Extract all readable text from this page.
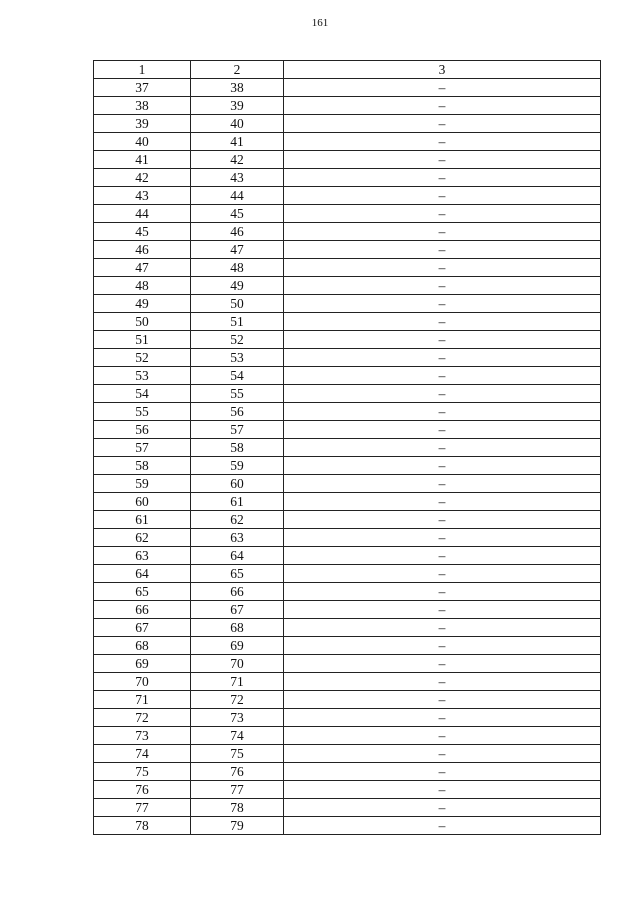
161
1	2	3
37	38	–
38	39	–
39	40	–
40	41	–
41	42	–
42	43	–
43	44	–
44	45	–
45	46	–
46	47	–
47	48	–
48	49	–
49	50	–
50	51	–
51	52	–
52	53	–
53	54	–
54	55	–
55	56	–
56	57	–
57	58	–
58	59	–
59	60	–
60	61	–
61	62	–
62	63	–
63	64	–
64	65	–
65	66	–
66	67	–
67	68	–
68	69	–
69	70	–
70	71	–
71	72	–
72	73	–
73	74	–
74	75	–
75	76	–
76	77	–
77	78	–
78	79	–
